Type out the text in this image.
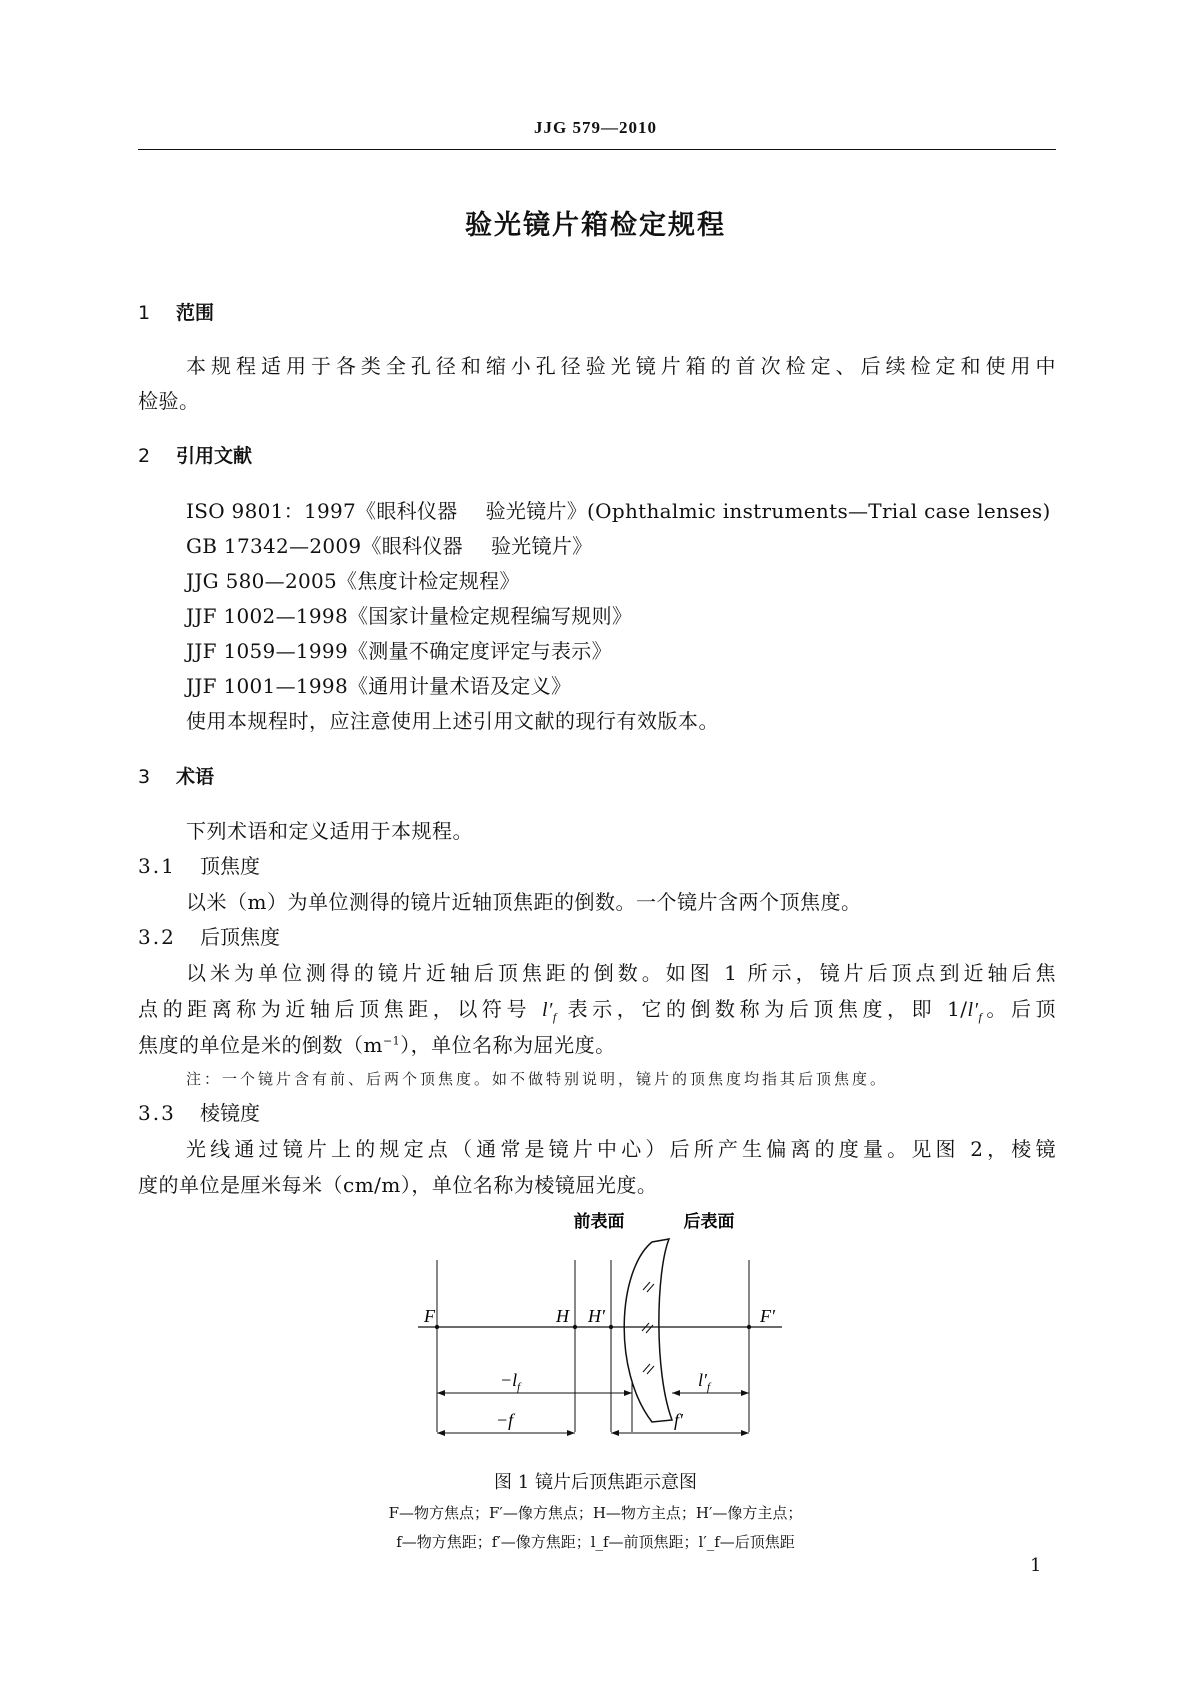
JJG 579—2010
验光镜片箱检定规程
1 范围
本规程适用于各类全孔径和缩小孔径验光镜片箱的首次检定、后续检定和使用中
检验。
2 引用文献
ISO 9801：1997《眼科仪器 验光镜片》(Ophthalmic instruments—Trial case lenses)
GB 17342—2009《眼科仪器 验光镜片》
JJG 580—2005《焦度计检定规程》
JJF 1002—1998《国家计量检定规程编写规则》
JJF 1059—1999《测量不确定度评定与表示》
JJF 1001—1998《通用计量术语及定义》
使用本规程时，应注意使用上述引用文献的现行有效版本。
3 术语
下列术语和定义适用于本规程。
3.1 顶焦度
以米（m）为单位测得的镜片近轴顶焦距的倒数。一个镜片含两个顶焦度。
3.2 后顶焦度
以米为单位测得的镜片近轴后顶焦距的倒数。如图 1 所示，镜片后顶点到近轴后焦
点的距离称为近轴后顶焦距，以符号 $l'_f$ 表示，它的倒数称为后顶焦度，即 $1/l'_f$。后顶
焦度的单位是米的倒数$(m^{-1})$，单位名称为屈光度。
注：一个镜片含有前、后两个顶焦度。如不做特别说明，镜片的顶焦度均指其后顶焦度。
3.3 棱镜度
光线通过镜片上的规定点（通常是镜片中心）后所产生偏离的度量。见图 2，棱镜
度的单位是厘米每米（cm/m），单位名称为棱镜屈光度。
前表面	后表面
F	H H′	F′
$-l_f$	$l'_f$
−f	f′
图 1 镜片后顶焦距示意图
F—物方焦点；F′—像方焦点；H—物方主点；H′—像方主点；
f—物方焦距；f′—像方焦距；l_f—前顶焦距；l′_f—后顶焦距
1
